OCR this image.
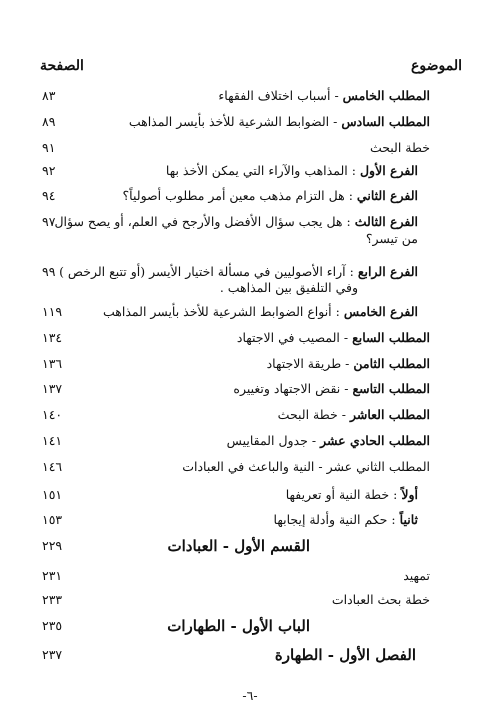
الموضوع
الصفحة
٨٣	المطلب الخامس-أسباب اختلاف الفقهاء
٨٩	المطلب السادس-الضوابط الشرعية للأخذ بأيسر المذاهب
٩١	خطة البحث
٩٢	الفرع الأول:المذاهب والآراء التي يمكن الأخذ بها
٩٤	الفرع الثاني:هل التزام مذهب معين أمر مطلوب أصولياً؟
٩٧	الفرع الثالث:هل يجب سؤال الأفضل والأرجح في العلم، أو يصح سؤال
من تيسر؟
٩٩	الفرع الرابع:آراء الأصوليين في مسألة اختيار الأيسر (أو تتبع الرخص )
وفي التلفيق بين المذاهب .
١١٩	الفرع الخامس:أنواع الضوابط الشرعية للأخذ بأيسر المذاهب
١٣٤	المطلب السابع-المصيب في الاجتهاد
١٣٦	المطلب الثامن-طريقة الاجتهاد
١٣٧	المطلب التاسع-نقض الاجتهاد وتغييره
١٤٠	المطلب العاشر-خطة البحث
١٤١	المطلب الحادي عشر-جدول المقاييس
١٤٦	المطلب الثاني عشر-النية والباعث في العبادات
١٥١	أولاً:خطة النية أو تعريفها
١٥٣	ثانياً:حكم النية وأدلة إيجابها
٢٢٩	القسم الأول - العبادات
٢٣١	تمهيد
٢٣٣	خطة بحث العبادات
٢٣٥	الباب الأول - الطهارات
٢٣٧	الفصل الأول - الطهارة
-٦-
